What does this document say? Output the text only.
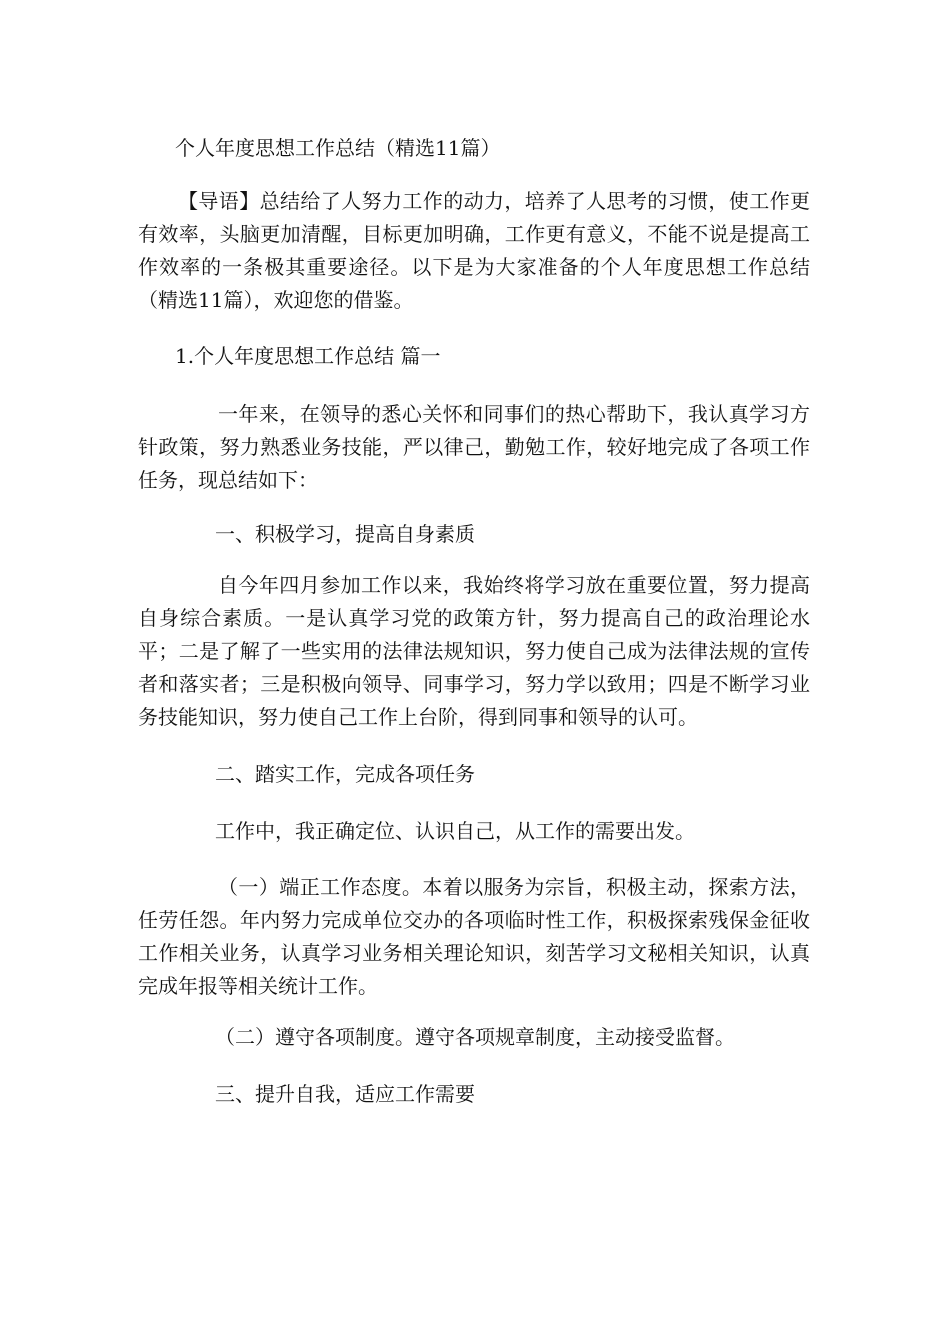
个人年度思想工作总结（精选11篇）
【导语】总结给了人努力工作的动力，培养了人思考的习惯，使工作更有效率，头脑更加清醒，目标更加明确，工作更有意义，不能不说是提高工作效率的一条极其重要途径。以下是为大家准备的个人年度思想工作总结（精选11篇），欢迎您的借鉴。
1.个人年度思想工作总结 篇一
一年来，在领导的悉心关怀和同事们的热心帮助下，我认真学习方针政策，努力熟悉业务技能，严以律己，勤勉工作，较好地完成了各项工作任务，现总结如下：
一、积极学习，提高自身素质
自今年四月参加工作以来，我始终将学习放在重要位置，努力提高自身综合素质。一是认真学习党的政策方针，努力提高自己的政治理论水平；二是了解了一些实用的法律法规知识，努力使自己成为法律法规的宣传者和落实者；三是积极向领导、同事学习，努力学以致用；四是不断学习业务技能知识，努力使自己工作上台阶，得到同事和领导的认可。
二、踏实工作，完成各项任务
工作中，我正确定位、认识自己，从工作的需要出发。
（一）端正工作态度。本着以服务为宗旨，积极主动，探索方法，任劳任怨。年内努力完成单位交办的各项临时性工作，积极探索残保金征收工作相关业务，认真学习业务相关理论知识，刻苦学习文秘相关知识，认真完成年报等相关统计工作。
（二）遵守各项制度。遵守各项规章制度，主动接受监督。
三、提升自我，适应工作需要
